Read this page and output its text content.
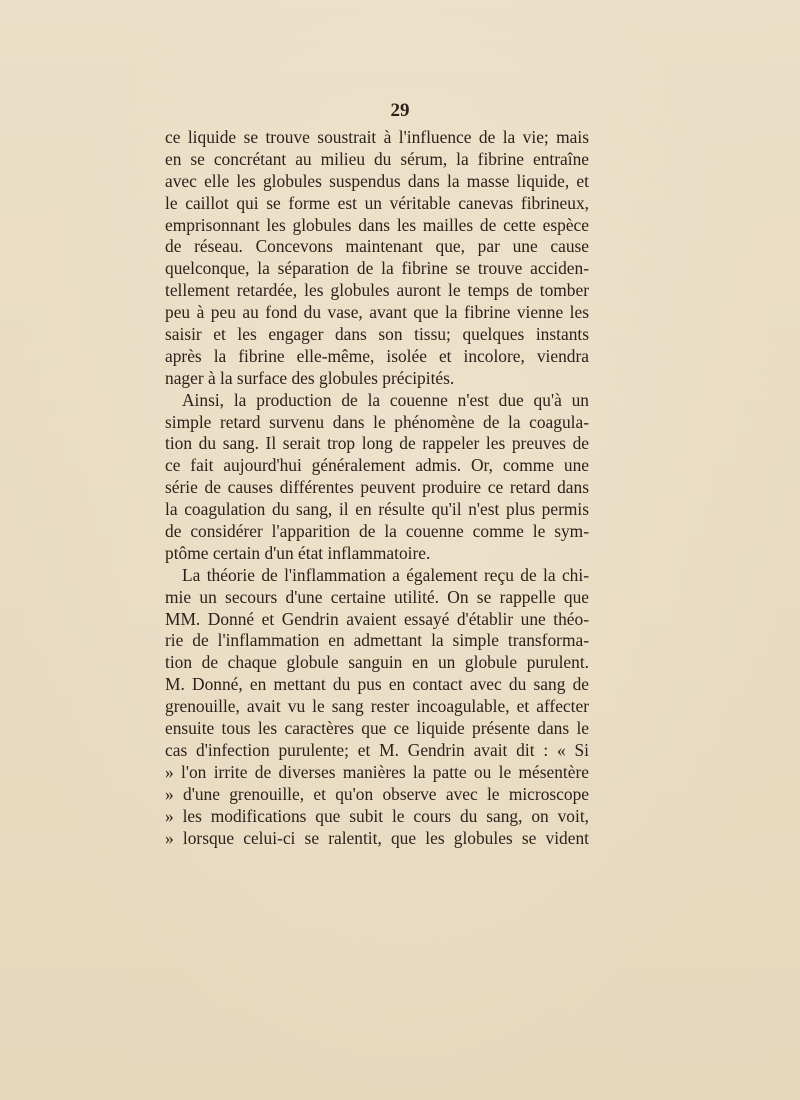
29
ce liquide se trouve soustrait à l'influence de la vie; mais
en se concrétant au milieu du sérum, la fibrine entraîne
avec elle les globules suspendus dans la masse liquide, et
le caillot qui se forme est un véritable canevas fibrineux,
emprisonnant les globules dans les mailles de cette espèce
de réseau. Concevons maintenant que, par une cause
quelconque, la séparation de la fibrine se trouve acciden-
tellement retardée, les globules auront le temps de tomber
peu à peu au fond du vase, avant que la fibrine vienne les
saisir et les engager dans son tissu; quelques instants
après la fibrine elle-même, isolée et incolore, viendra
nager à la surface des globules précipités.
Ainsi, la production de la couenne n'est due qu'à un
simple retard survenu dans le phénomène de la coagula-
tion du sang. Il serait trop long de rappeler les preuves de
ce fait aujourd'hui généralement admis. Or, comme une
série de causes différentes peuvent produire ce retard dans
la coagulation du sang, il en résulte qu'il n'est plus permis
de considérer l'apparition de la couenne comme le sym-
ptôme certain d'un état inflammatoire.
La théorie de l'inflammation a également reçu de la chi-
mie un secours d'une certaine utilité. On se rappelle que
MM. Donné et Gendrin avaient essayé d'établir une théo-
rie de l'inflammation en admettant la simple transforma-
tion de chaque globule sanguin en un globule purulent.
M. Donné, en mettant du pus en contact avec du sang de
grenouille, avait vu le sang rester incoagulable, et affecter
ensuite tous les caractères que ce liquide présente dans le
cas d'infection purulente; et M. Gendrin avait dit : « Si
» l'on irrite de diverses manières la patte ou le mésentère
» d'une grenouille, et qu'on observe avec le microscope
» les modifications que subit le cours du sang, on voit,
» lorsque celui-ci se ralentit, que les globules se vident
